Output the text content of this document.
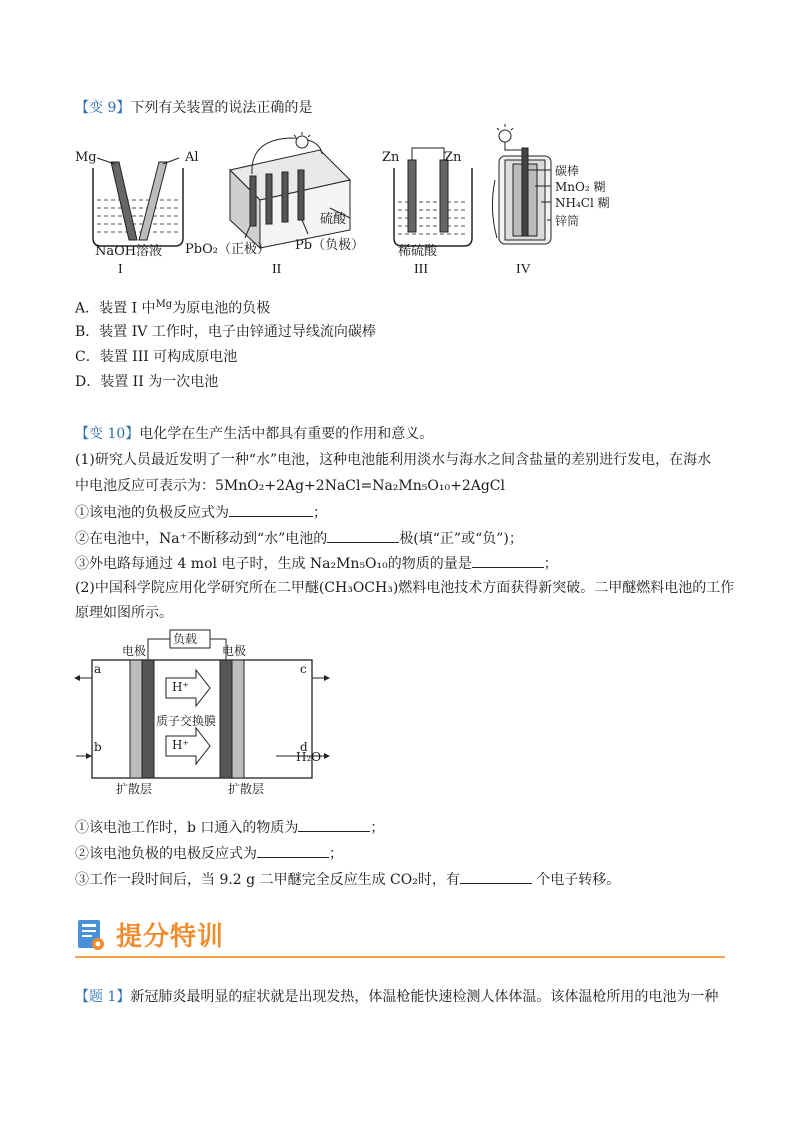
【变 9】下列有关装置的说法正确的是
Mg	Al
NaOH溶液
I
硫酸
PbO₂（正极） Pb（负极）
II
Zn	Zn
稀硫酸
III
碳棒
MnO₂ 糊
NH₄Cl 糊
锌筒
IV
A．装置 I 中$^{Mg}$为原电池的负极
B．装置 IV 工作时，电子由锌通过导线流向碳棒
C．装置 III 可构成原电池
D．装置 II 为一次电池
【变 10】电化学在生产生活中都具有重要的作用和意义。
(1)研究人员最近发明了一种“水”电池，这种电池能利用淡水与海水之间含盐量的差别进行发电，在海水
中电池反应可表示为：5MnO₂+2Ag+2NaCl=Na₂Mn₅O₁₀+2AgCl
①该电池的负极反应式为	；
②在电池中，Na⁺不断移动到“水”电池的	极(填“正”或“负”)；
③外电路每通过 4 mol 电子时，生成 Na₂Mn₅O₁₀的物质的量是	；
(2)中国科学院应用化学研究所在二甲醚(CH₃OCH₃)燃料电池技术方面获得新突破。二甲醚燃料电池的工作
原理如图所示。
负载
电极	电极
a
b
c
d
H⁺
质子交换膜
H⁺
H₂O
扩散层	扩散层
①该电池工作时，b 口通入的物质为	；
②该电池负极的电极反应式为	；
③工作一段时间后，当 9.2 g 二甲醚完全反应生成 CO₂时，有	个电子转移。
提分特训
【题 1】新冠肺炎最明显的症状就是出现发热，体温枪能快速检测人体体温。该体温枪所用的电池为一种
